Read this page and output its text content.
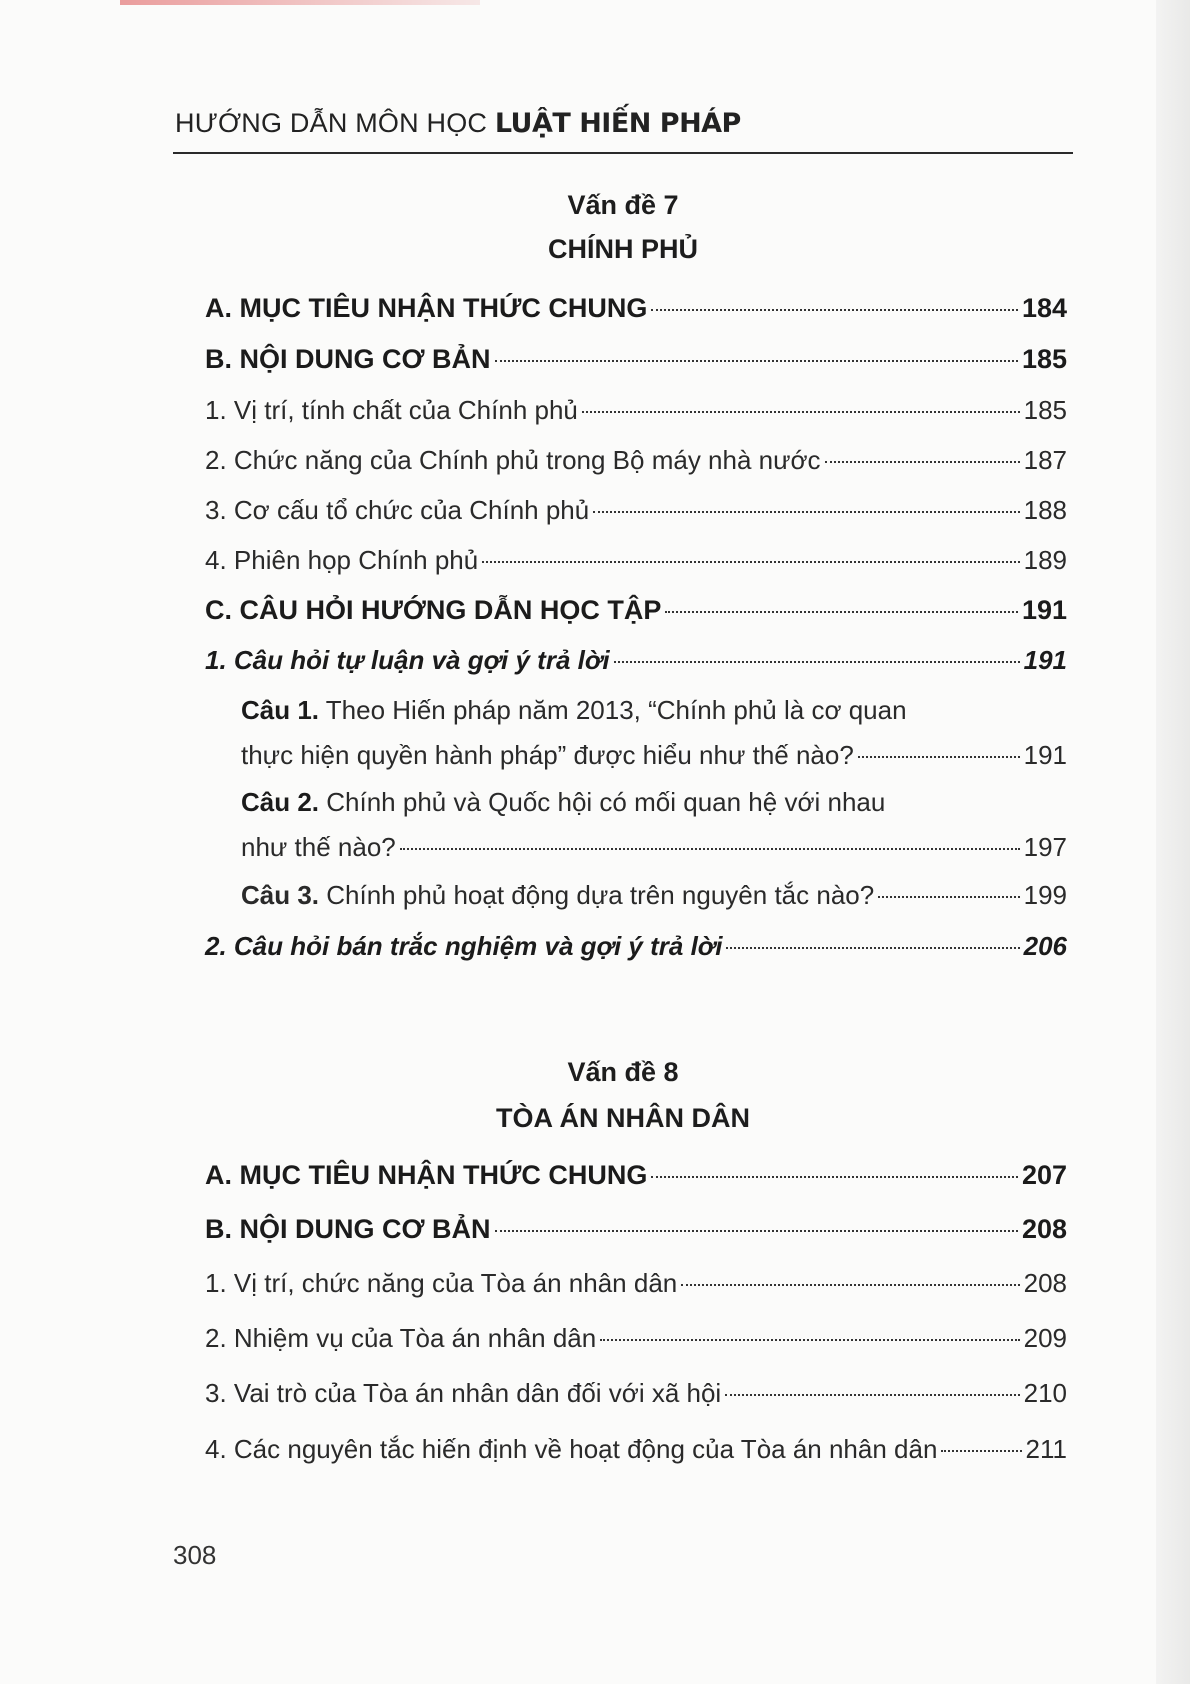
HƯỚNG DẪN MÔN HỌC LUẬT HIẾN PHÁP
Vấn đề 7
CHÍNH PHỦ
A. MỤC TIÊU NHẬN THỨC CHUNG	184
B. NỘI DUNG CƠ BẢN	185
1. Vị trí, tính chất của Chính phủ	185
2. Chức năng của Chính phủ trong Bộ máy nhà nước	187
3. Cơ cấu tổ chức của Chính phủ	188
4. Phiên họp Chính phủ	189
C. CÂU HỎI HƯỚNG DẪN HỌC TẬP	191
1. Câu hỏi tự luận và gợi ý trả lời	191
Câu 1. Theo Hiến pháp năm 2013, “Chính phủ là cơ quan
thực hiện quyền hành pháp” được hiểu như thế nào?	191
Câu 2. Chính phủ và Quốc hội có mối quan hệ với nhau
như thế nào?	197
Câu 3. Chính phủ hoạt động dựa trên nguyên tắc nào?	199
2. Câu hỏi bán trắc nghiệm và gợi ý trả lời	206
Vấn đề 8
TÒA ÁN NHÂN DÂN
A. MỤC TIÊU NHẬN THỨC CHUNG	207
B. NỘI DUNG CƠ BẢN	208
1. Vị trí, chức năng của Tòa án nhân dân	208
2. Nhiệm vụ của Tòa án nhân dân	209
3. Vai trò của Tòa án nhân dân đối với xã hội	210
4. Các nguyên tắc hiến định về hoạt động của Tòa án nhân dân	211
308
